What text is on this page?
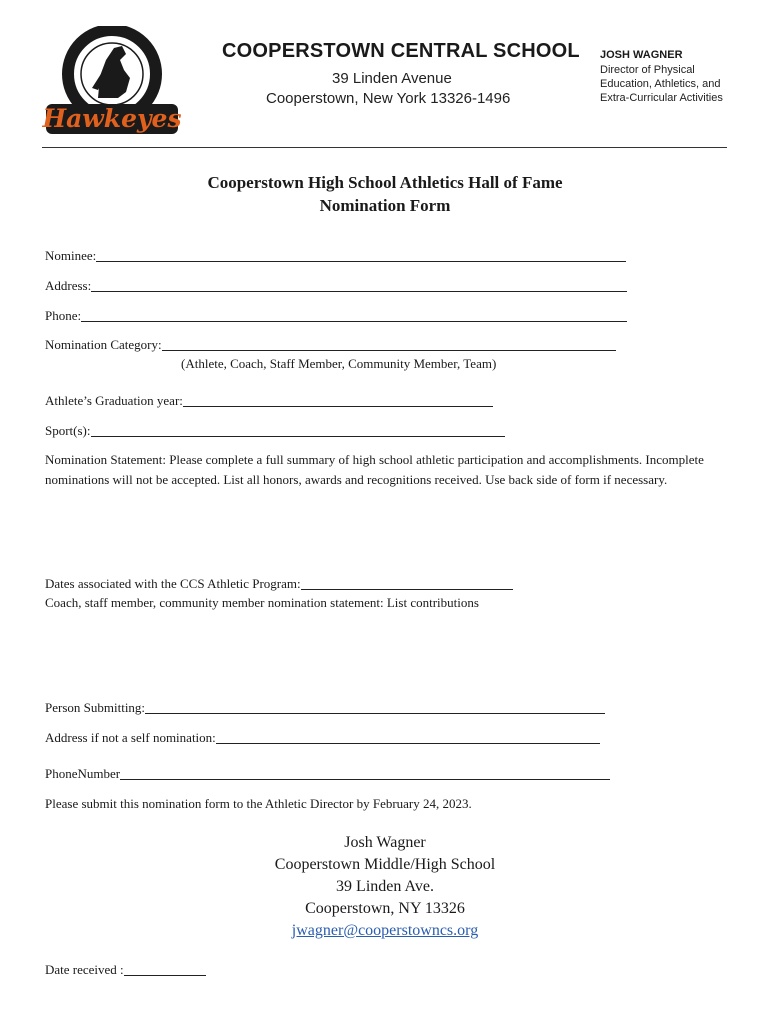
Hawkeyes
COOPERSTOWN CENTRAL SCHOOL
39 Linden Avenue
Cooperstown, New York 13326-1496
JOSH WAGNER
Director of Physical
Education, Athletics, and
Extra-Curricular Activities
Cooperstown High School Athletics Hall of Fame
Nomination Form
Nominee:
Address:
Phone:
Nomination Category:
(Athlete, Coach, Staff Member, Community Member, Team)
Athlete’s Graduation year:
Sport(s):
Nomination Statement: Please complete a full summary of high school athletic participation and accomplishments. Incomplete nominations will not be accepted. List all honors, awards and recognitions received. Use back side of form if necessary.
Dates associated with the CCS Athletic Program:
Coach, staff member, community member nomination statement: List contributions
Person Submitting:
Address if not a self nomination:
PhoneNumber
Please submit this nomination form to the Athletic Director by February 24, 2023.
Josh Wagner
Cooperstown Middle/High School
39 Linden Ave.
Cooperstown, NY 13326
jwagner@cooperstowncs.org
Date received :
